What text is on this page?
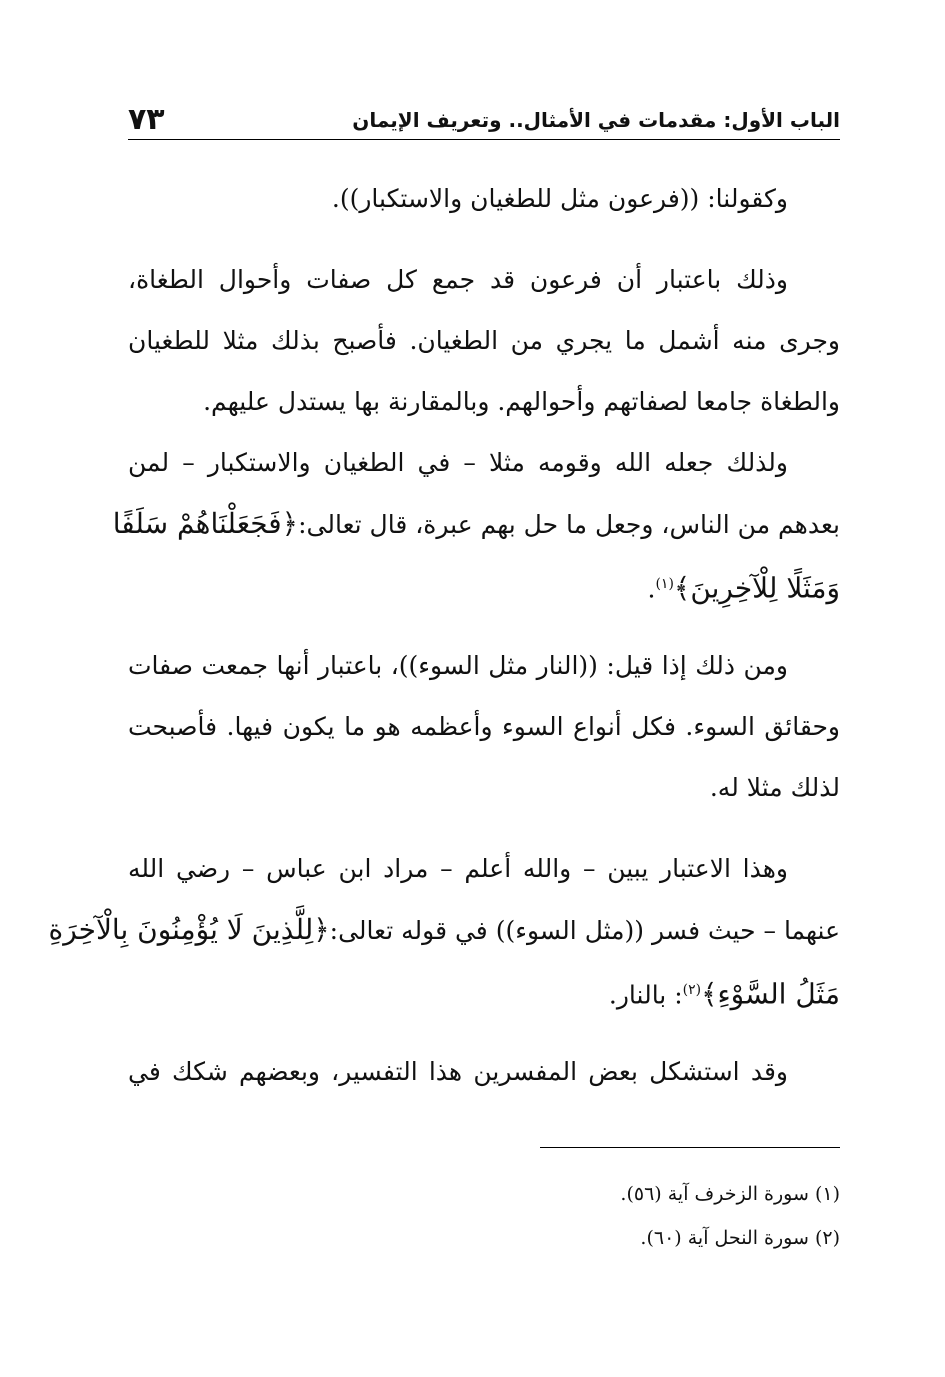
الباب الأول: مقدمات في الأمثال.. وتعريف الإيمان
٧٣
وكقولنا: ((فرعون مثل للطغيان والاستكبار)).
وذلك باعتبار أن فرعون قد جمع كل صفات وأحوال الطغاة،
وجرى منه أشمل ما يجري من الطغيان. فأصبح بذلك مثلا للطغيان
والطغاة جامعا لصفاتهم وأحوالهم. وبالمقارنة بها يستدل عليهم.
ولذلك جعله الله وقومه مثلا – في الطغيان والاستكبار – لمن
بعدهم من الناس، وجعل ما حل بهم عبرة، قال تعالى:﴿فَجَعَلْنَاهُمْ سَلَفًا
وَمَثَلًا لِلْآخِرِينَ﴾$^{(١)}$.
ومن ذلك إذا قيل: ((النار مثل السوء))، باعتبار أنها جمعت صفات
وحقائق السوء. فكل أنواع السوء وأعظمه هو ما يكون فيها. فأصبحت
لذلك مثلا له.
وهذا الاعتبار يبين – والله أعلم – مراد ابن عباس – رضي الله
عنهما – حيث فسر ((مثل السوء)) في قوله تعالى:﴿لِلَّذِينَ لَا يُؤْمِنُونَ بِالْآخِرَةِ
مَثَلُ السَّوْءِ﴾$^{(٢)}$: بالنار.
وقد استشكل بعض المفسرين هذا التفسير، وبعضهم شكك في
(١) سورة الزخرف آية (٥٦).
(٢) سورة النحل آية (٦٠).
